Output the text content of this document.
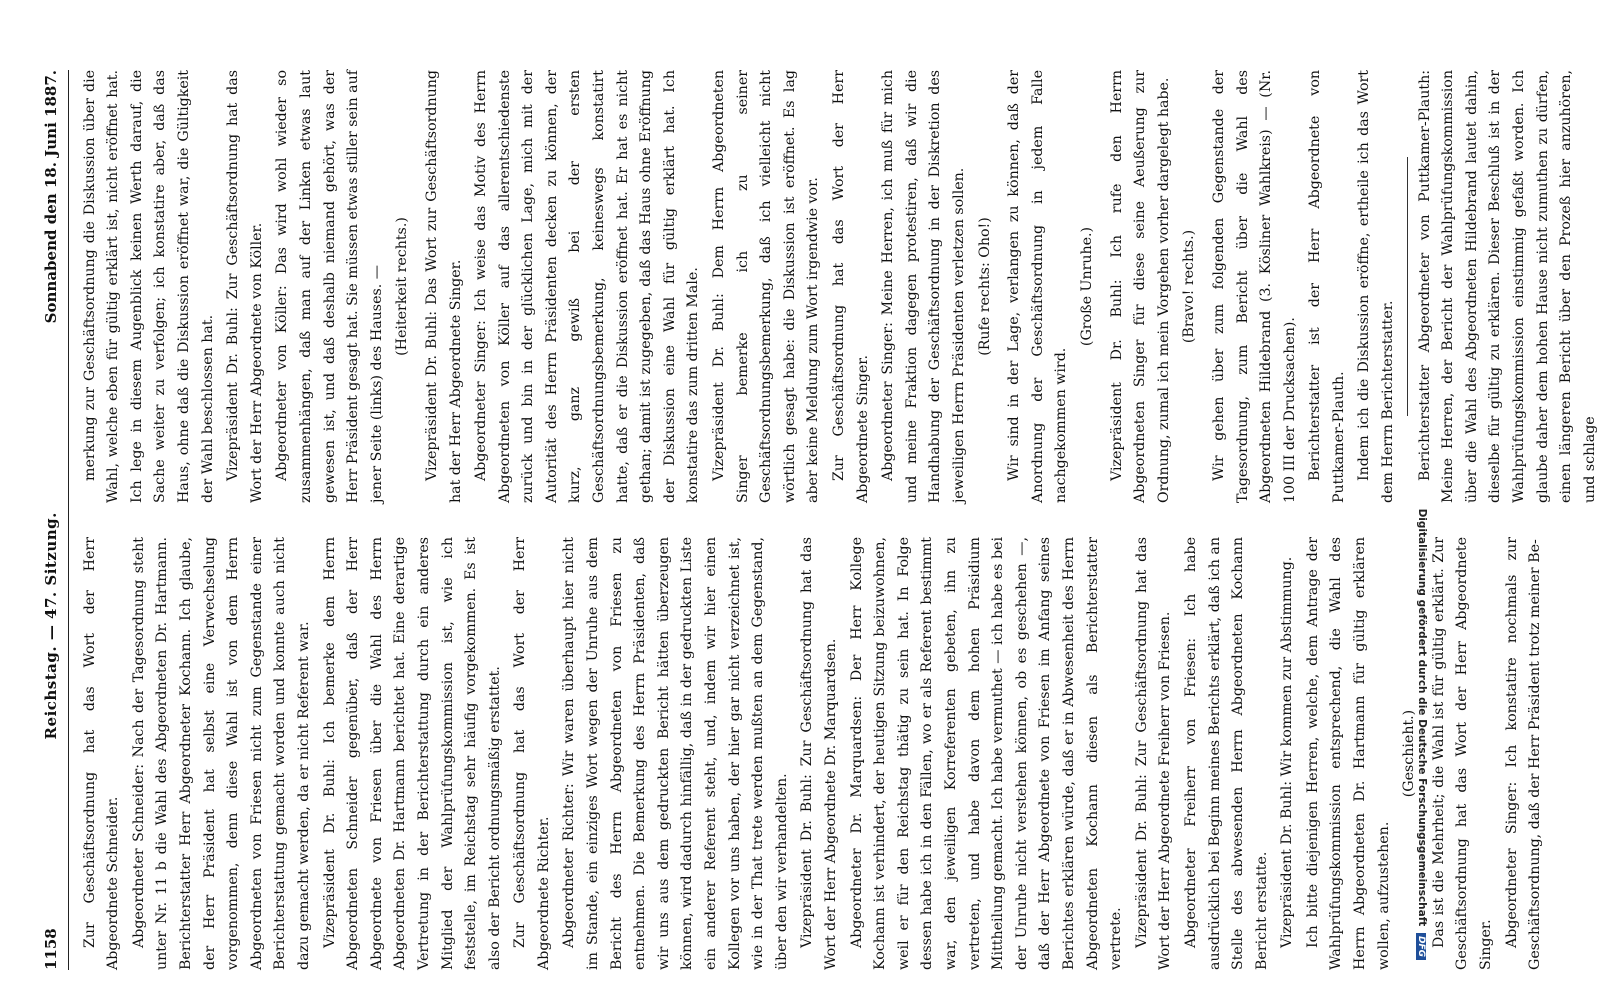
1158
Reichstag. — 47. Sitzung.
Sonnabend den 18. Juni 1887.

Zur Geschäftsordnung hat das Wort der Herr Abgeordnete Schneider. Abgeordneter Schneider: Nach der Tagesordnung steht unter Nr. 11 b die Wahl des Abgeordneten Dr. Hartmann. Berichterstatter Herr Abgeordneter Kochann. Ich glaube, der Herr Präsident hat selbst eine Verwechselung vorgenommen, denn diese Wahl ist von dem Herrn Abgeordneten von Friesen nicht zum Gegenstande einer Berichterstattung gemacht worden und konnte auch nicht dazu gemacht werden, da er nicht Referent war. Vizepräsident Dr. Buhl: Ich bemerke dem Herrn Abgeordneten Schneider gegenüber, daß der Herr Abgeordnete von Friesen über die Wahl des Herrn Abgeordneten Dr. Hartmann berichtet hat. Eine derartige Vertretung in der Berichterstattung durch ein anderes Mitglied der Wahlprüfungskommission ist, wie ich feststelle, im Reichstag sehr häufig vorgekommen. Es ist also der Bericht ordnungsmäßig erstattet. Zur Geschäftsordnung hat das Wort der Herr Abgeordnete Richter. Abgeordneter Richter: Wir waren überhaupt hier nicht im Stande, ein einziges Wort wegen der Unruhe aus dem Bericht des Herrn Abgeordneten von Friesen zu entnehmen. Die Bemerkung des Herrn Präsidenten, daß wir uns aus dem gedruckten Bericht hätten überzeugen können, wird dadurch hinfällig, daß in der gedruckten Liste ein anderer Referent steht, und, indem wir hier einen Kollegen vor uns haben, der hier gar nicht verzeichnet ist, wie in der That trete werden mußten an dem Gegenstand, über den wir verhandelten. Vizepräsident Dr. Buhl: Zur Geschäftsordnung hat das Wort der Herr Abgeordnete Dr. Marquardsen. Abgeordneter Dr. Marquardsen: Der Herr Kollege Kochann ist verhindert, der heutigen Sitzung beizuwohnen, weil er für den Reichstag thätig zu sein hat. In Folge dessen habe ich in den Fällen, wo er als Referent bestimmt war, den jeweiligen Korreferenten gebeten, ihn zu vertreten, und habe davon dem hohen Präsidium Mittheilung gemacht. Ich habe vermuthet — ich habe es bei der Unruhe nicht verstehen können, ob es geschehen —, daß der Herr Abgeordnete von Friesen im Anfang seines Berichtes erklären würde, daß er in Abwesenheit des Herrn Abgeordneten Kochann diesen als Berichterstatter vertrete. Vizepräsident Dr. Buhl: Zur Geschäftsordnung hat das Wort der Herr Abgeordnete Freiherr von Friesen. Abgeordneter Freiherr von Friesen: Ich habe ausdrücklich bei Beginn meines Berichts erklärt, daß ich an Stelle des abwesenden Herrn Abgeordneten Kochann Bericht erstatte. Vizepräsident Dr. Buhl: Wir kommen zur Abstimmung. Ich bitte diejenigen Herren, welche, dem Antrage der Wahlprüfungskommission entsprechend, die Wahl des Herrn Abgeordneten Dr. Hartmann für gültig erklären wollen, aufzustehen.

(Geschieht.) Das ist die Mehrheit; die Wahl ist für gültig erklärt. Zur Geschäftsordnung hat das Wort der Herr Abgeordnete Singer. Abgeordneter Singer: Ich konstatire nochmals zur Geschäftsordnung, daß der Herr Präsident trotz meiner Be-

merkung zur Geschäftsordnung die Diskussion über die Wahl, welche eben für gültig erklärt ist, nicht eröffnet hat. Ich lege in diesem Augenblick keinen Werth darauf, die Sache weiter zu verfolgen; ich konstatire aber, daß das Haus, ohne daß die Diskussion eröffnet war, die Gültigkeit der Wahl beschlossen hat. Vizepräsident Dr. Buhl: Zur Geschäftsordnung hat das Wort der Herr Abgeordnete von Köller. Abgeordneter von Köller: Das wird wohl wieder so zusammenhängen, daß man auf der Linken etwas laut gewesen ist, und daß deshalb niemand gehört, was der Herr Präsident gesagt hat. Sie müssen etwas stiller sein auf jener Seite (links) des Hauses. — (Heiterkeit rechts.) Vizepräsident Dr. Buhl: Das Wort zur Geschäftsordnung hat der Herr Abgeordnete Singer. Abgeordneter Singer: Ich weise das Motiv des Herrn Abgeordneten von Köller auf das allerentschiedenste zurück und bin in der glücklichen Lage, mich mit der Autorität des Herrn Präsidenten decken zu können, der kurz, ganz gewiß bei der ersten Geschäftsordnungsbemerkung, keineswegs konstatirt hatte, daß er die Diskussion eröffnet hat. Er hat es nicht gethan; damit ist zugegeben, daß das Haus ohne Eröffnung der Diskussion eine Wahl für gültig erklärt hat. Ich konstatire das zum dritten Male. Vizepräsident Dr. Buhl: Dem Herrn Abgeordneten Singer bemerke ich zu seiner Geschäftsordnungsbemerkung, daß ich vielleicht nicht wörtlich gesagt habe: die Diskussion ist eröffnet. Es lag aber keine Meldung zum Wort irgendwie vor. Zur Geschäftsordnung hat das Wort der Herr Abgeordnete Singer. Abgeordneter Singer: Meine Herren, ich muß für mich und meine Fraktion dagegen protestiren, daß wir die Handhabung der Geschäftsordnung in der Diskretion des jeweiligen Herrn Präsidenten verletzen sollen. (Rufe rechts: Oho!) Wir sind in der Lage, verlangen zu können, daß der Anordnung der Geschäftsordnung in jedem Falle nachgekommen wird.

(Große Unruhe.) Vizepräsident Dr. Buhl: Ich rufe den Herrn Abgeordneten Singer für diese seine Aeußerung zur Ordnung, zumal ich mein Vorgehen vorher dargelegt habe. (Bravo! rechts.) Wir gehen über zum folgenden Gegenstande der Tagesordnung, zum Bericht über die Wahl des Abgeordneten Hildebrand (3. Kösliner Wahlkreis) — (Nr. 100 III der Drucksachen). Berichterstatter ist der Herr Abgeordnete von Puttkamer-Plauth. Indem ich die Diskussion eröffne, ertheile ich das Wort dem Herrn Berichterstatter.	Berichterstatter Abgeordneter von Puttkamer-Plauth: Meine Herren, der Bericht der Wahlprüfungskommission über die Wahl des Abgeordneten Hildebrand lautet dahin, dieselbe für gültig zu erklären. Dieser Beschluß ist in der Wahlprüfungskommission einstimmig gefaßt worden. Ich glaube daher dem hohen Hause nicht zumuthen zu dürfen, einen längeren Bericht über den Prozeß hier anzuhören, und schlage

Digitalisierung gefördert durch die Deutsche Forschungsgemeinschaft DFG
